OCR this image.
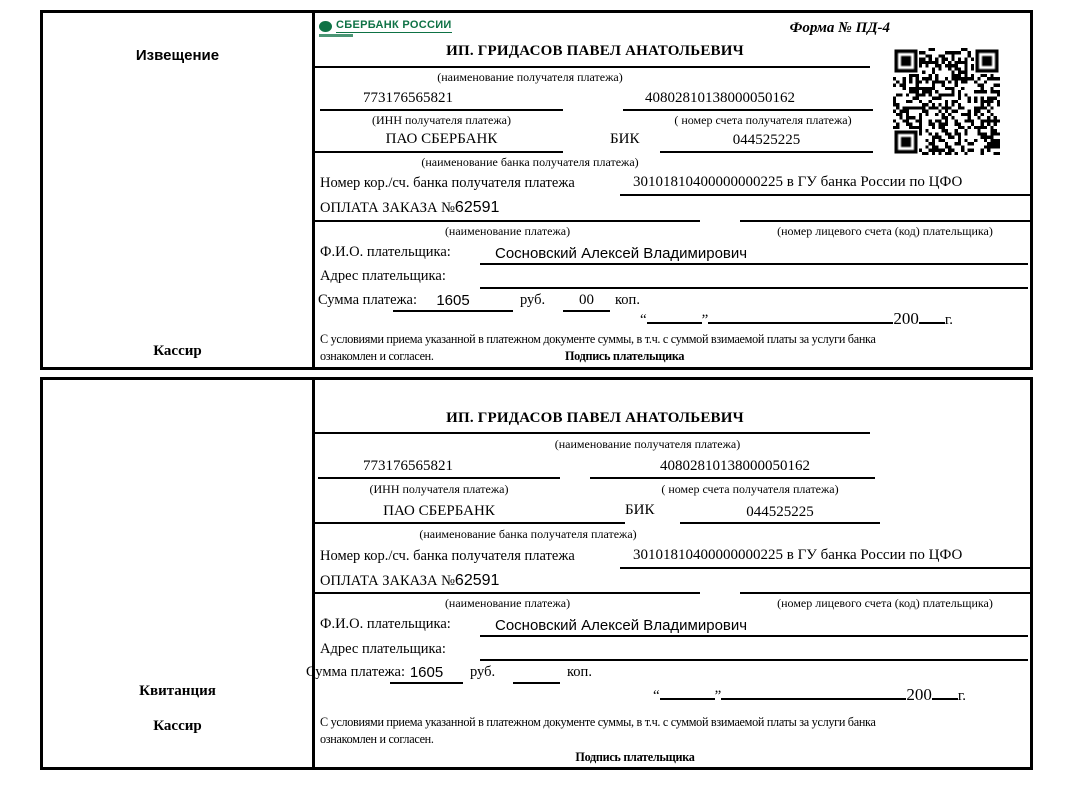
Извещение
Кассир
СБЕРБАНК РОССИИ	Форма № ПД-4
ИП. ГРИДАСОВ ПАВЕЛ АНАТОЛЬЕВИЧ
(наименование получателя платежа)
773176565821	40802810138000050162
(ИНН получателя платежа)	( номер счета получателя платежа)
ПАО СБЕРБАНК	БИК	044525225
(наименование банка получателя платежа)
Номер кор./сч. банка получателя платежа	30101810400000000225 в ГУ банка России по ЦФО
ОПЛАТА ЗАКАЗА №62591
(наименование платежа)	(номер лицевого счета (код) плательщика)
Ф.И.О. плательщика:	Сосновский Алексей Владимирович
Адрес плательщика:
Сумма платежа:	1605	руб.	00	коп.
“	”	200 г.
С условиями приема указанной в платежном документе суммы, в т.ч. с суммой взимаемой платы за услуги банка
ознакомлен и согласен.	Подпись плательщика
Квитанция
Кассир
ИП. ГРИДАСОВ ПАВЕЛ АНАТОЛЬЕВИЧ
(наименование получателя платежа)
773176565821	40802810138000050162
(ИНН получателя платежа)	( номер счета получателя платежа)
ПАО СБЕРБАНК	БИК	044525225
(наименование банка получателя платежа)
Номер кор./сч. банка получателя платежа	30101810400000000225 в ГУ банка России по ЦФО
ОПЛАТА ЗАКАЗА №62591
(наименование платежа)	(номер лицевого счета (код) плательщика)
Ф.И.О. плательщика:	Сосновский Алексей Владимирович
Адрес плательщика:
Сумма платежа: 1605	руб.	коп.
“	”	200 г.
С условиями приема указанной в платежном документе суммы, в т.ч. с суммой взимаемой платы за услуги банка
ознакомлен и согласен.
Подпись плательщика
